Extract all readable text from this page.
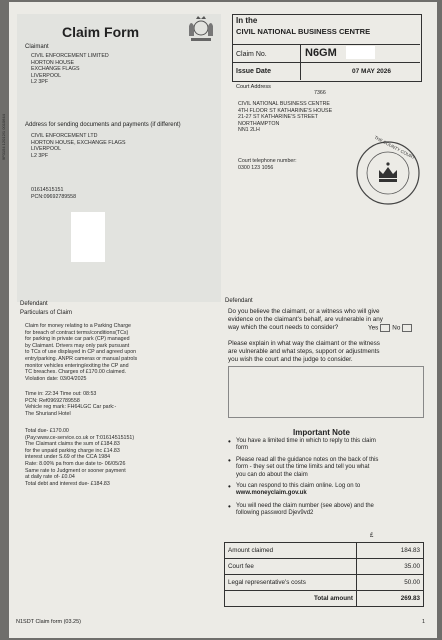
Claim Form
Claimant
CIVIL ENFORCEMENT LIMITED
HORTON HOUSE
EXCHANGE FLAGS
LIVERPOOL
L2 3PF
9F0154 12012/1 0010644	Address for sending documents and payments (if different)
CIVIL ENFORCEMENT LTD
HORTON HOUSE, EXCHANGE FLAGS
LIVERPOOL
L2 3PF
01614515151
PCN:09692789558
In the
CIVIL NATIONAL BUSINESS CENTRE
Claim No.	N6GM
Issue Date	07 MAY 2026
Court Address
7366
CIVIL NATIONAL BUSINESS CENTRE
4TH FLOOR ST KATHARINE'S HOUSE
21-27 ST KATHARINE'S STREET
NORTHAMPTON
NN1 2LH
Court telephone number:
0300 123 1056
THE COUNTY COURT
Defendant	Defendant
Particulars of Claim
Claim for money relating to a Parking Charge
for breach of contract terms/conditions(TCs)
for parking in private car park (CP) managed
by Claimant. Drivers may only park pursuant
to TCs of use displayed in CP and agreed upon
entry/parking. ANPR cameras or manual patrols
monitor vehicles entering/exiting the CP and
TC breaches. Charges of £170.00 claimed.
Violation date: 03/04/2025
Time in: 22:34 Time out: 08:53
PCN: Ref09692789558
Vehicle reg mark: FH64LGC Car park:-
The Shuriand Hotel
Total due- £170.00
(Pay:www.ce-service.co.uk or T:01614515151)
The Claimant claims the sum of £184.83
for the unpaid parking charge inc £14.83
interest under S.69 of the CCA 1984
Rate: 8.00% pa from due date to- 06/05/26
Same rate to Judgment or sooner payment
at daily rate of- £0.04
Total debt and interest due- £184.83
Do you believe the claimant, or a witness who will give
evidence on the claimant's behalf, are vulnerable in any
way which the court needs to consider?	Yes No
Please explain in what way the claimant or the witness
are vulnerable and what steps, support or adjustments
you wish the court and the judge to consider.
Important Note
• You have a limited time in which to reply to this claim
form
• Please read all the guidance notes on the back of this
form - they set out the time limits and tell you what
you can do about the claim
• You can respond to this claim online. Log on to
www.moneyclaim.gov.uk
• You will need the claim number (see above) and the
following password Djev9vd2
£
Amount claimed	184.83
Court fee	35.00
Legal representative's costs	50.00
Total amount	269.83
N1SDT Claim form (03.25)	1
